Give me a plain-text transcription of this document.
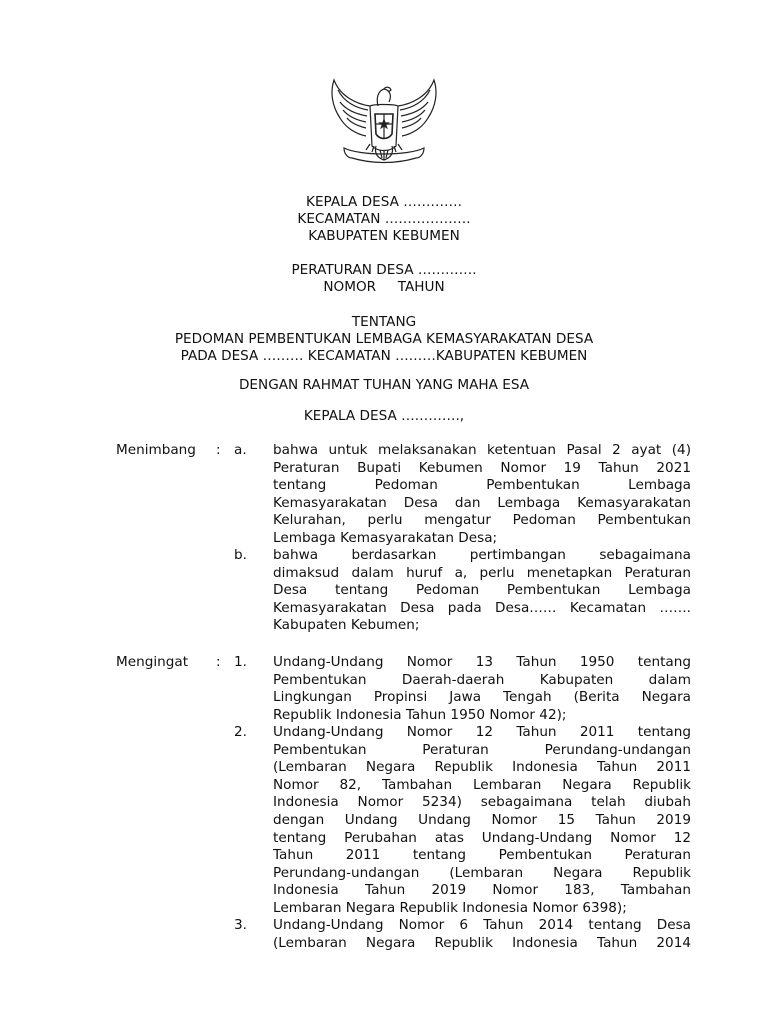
KEPALA DESA ………….
KECAMATAN ……………….
KABUPATEN KEBUMEN
PERATURAN DESA ………….
NOMOR     TAHUN
TENTANG
PEDOMAN PEMBENTUKAN LEMBAGA KEMASYARAKATAN DESA
PADA DESA ……… KECAMATAN ………KABUPATEN KEBUMEN
DENGAN RAHMAT TUHAN YANG MAHA ESA
KEPALA DESA ………….,
Menimbang : a. bahwa untuk melaksanakan ketentuan Pasal 2 ayat (4)
Peraturan Bupati Kebumen Nomor 19 Tahun 2021
tentang Pedoman Pembentukan Lembaga
Kemasyarakatan Desa dan Lembaga Kemasyarakatan
Kelurahan, perlu mengatur Pedoman Pembentukan
Lembaga Kemasyarakatan Desa;
b. bahwa berdasarkan pertimbangan sebagaimana
dimaksud dalam huruf a, perlu menetapkan Peraturan
Desa tentang Pedoman Pembentukan Lembaga
Kemasyarakatan Desa pada Desa…… Kecamatan …….
Kabupaten Kebumen;
Mengingat : 1. Undang-Undang Nomor 13 Tahun 1950 tentang
Pembentukan Daerah-daerah Kabupaten dalam
Lingkungan Propinsi Jawa Tengah (Berita Negara
Republik Indonesia Tahun 1950 Nomor 42);
2. Undang-Undang Nomor 12 Tahun 2011 tentang
Pembentukan Peraturan Perundang-undangan
(Lembaran Negara Republik Indonesia Tahun 2011
Nomor 82, Tambahan Lembaran Negara Republik
Indonesia Nomor 5234) sebagaimana telah diubah
dengan Undang Undang Nomor 15 Tahun 2019
tentang Perubahan atas Undang-Undang Nomor 12
Tahun 2011 tentang Pembentukan Peraturan
Perundang-undangan (Lembaran Negara Republik
Indonesia Tahun 2019 Nomor 183, Tambahan
Lembaran Negara Republik Indonesia Nomor 6398);
3. Undang-Undang Nomor 6 Tahun 2014 tentang Desa
(Lembaran Negara Republik Indonesia Tahun 2014
